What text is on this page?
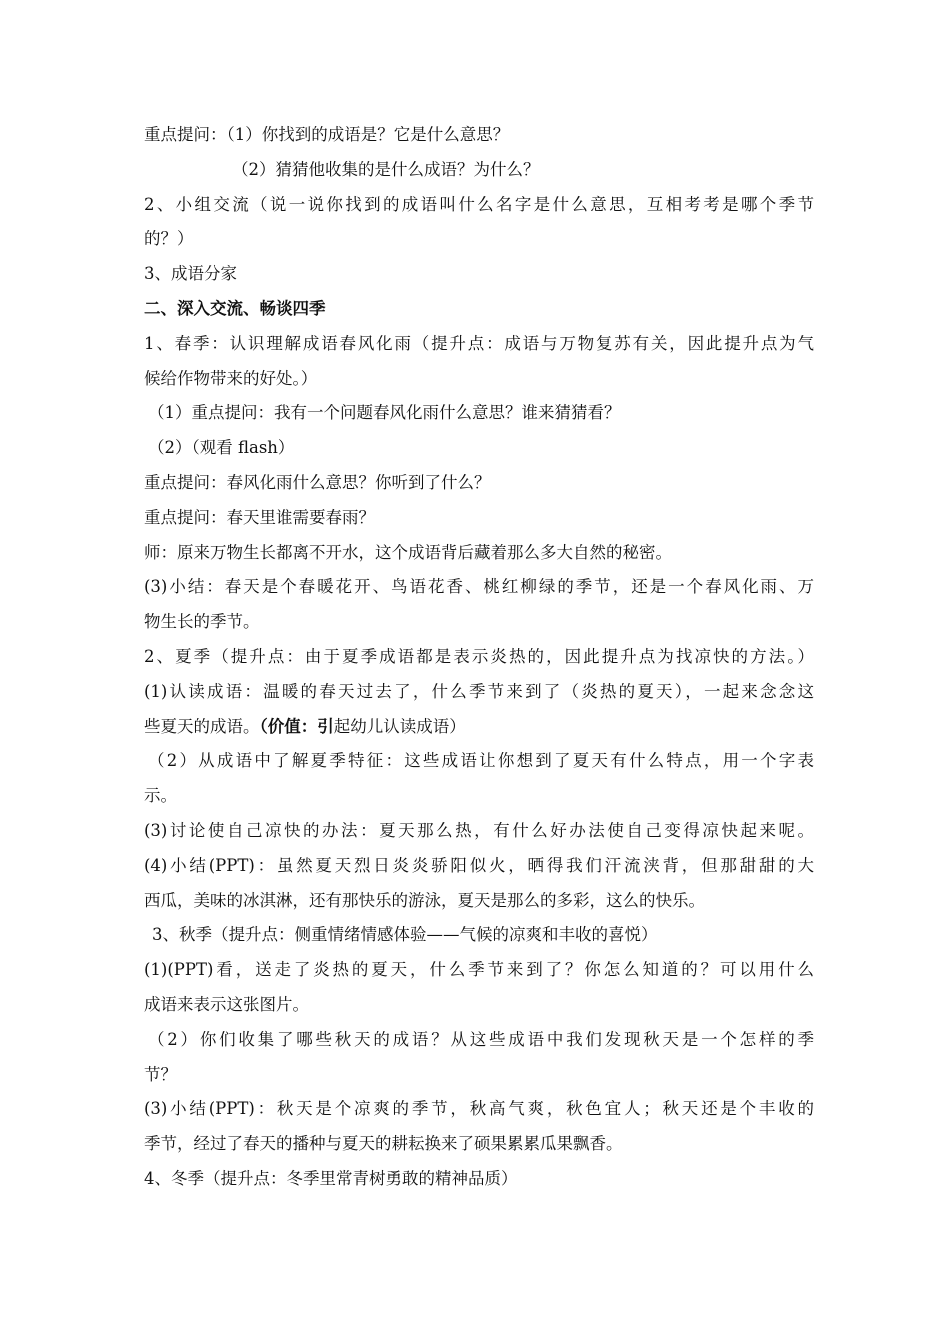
重点提问：（1）你找到的成语是？它是什么意思？
（2）猜猜他收集的是什么成语？为什么？
2、小组交流（说一说你找到的成语叫什么名字是什么意思，互相考考是哪个季节
的？）
3、成语分家
二、深入交流、畅谈四季
1、春季：认识理解成语春风化雨（提升点：成语与万物复苏有关，因此提升点为气
候给作物带来的好处。）
（1）重点提问：我有一个问题春风化雨什么意思？谁来猜猜看？
（2）（观看 flash）
重点提问：春风化雨什么意思？你听到了什么？
重点提问：春天里谁需要春雨？
师：原来万物生长都离不开水，这个成语背后藏着那么多大自然的秘密。
(3)小结：春天是个春暖花开、鸟语花香、桃红柳绿的季节，还是一个春风化雨、万
物生长的季节。
2、夏季（提升点：由于夏季成语都是表示炎热的，因此提升点为找凉快的方法。）
(1)认读成语：温暖的春天过去了，什么季节来到了（炎热的夏天），一起来念念这
些夏天的成语。（价值：引起幼儿认读成语）
（2）从成语中了解夏季特征：这些成语让你想到了夏天有什么特点，用一个字表
示。
(3)讨论使自己凉快的办法：夏天那么热，有什么好办法使自己变得凉快起来呢。
(4)小结(PPT)：虽然夏天烈日炎炎骄阳似火，晒得我们汗流浃背，但那甜甜的大
西瓜，美味的冰淇淋，还有那快乐的游泳，夏天是那么的多彩，这么的快乐。
3、秋季（提升点：侧重情绪情感体验——气候的凉爽和丰收的喜悦）
(1)(PPT)看，送走了炎热的夏天，什么季节来到了？你怎么知道的？可以用什么
成语来表示这张图片。
（2）你们收集了哪些秋天的成语？从这些成语中我们发现秋天是一个怎样的季
节？
(3)小结(PPT)：秋天是个凉爽的季节，秋高气爽，秋色宜人；秋天还是个丰收的
季节，经过了春天的播种与夏天的耕耘换来了硕果累累瓜果飘香。
4、冬季（提升点：冬季里常青树勇敢的精神品质）
